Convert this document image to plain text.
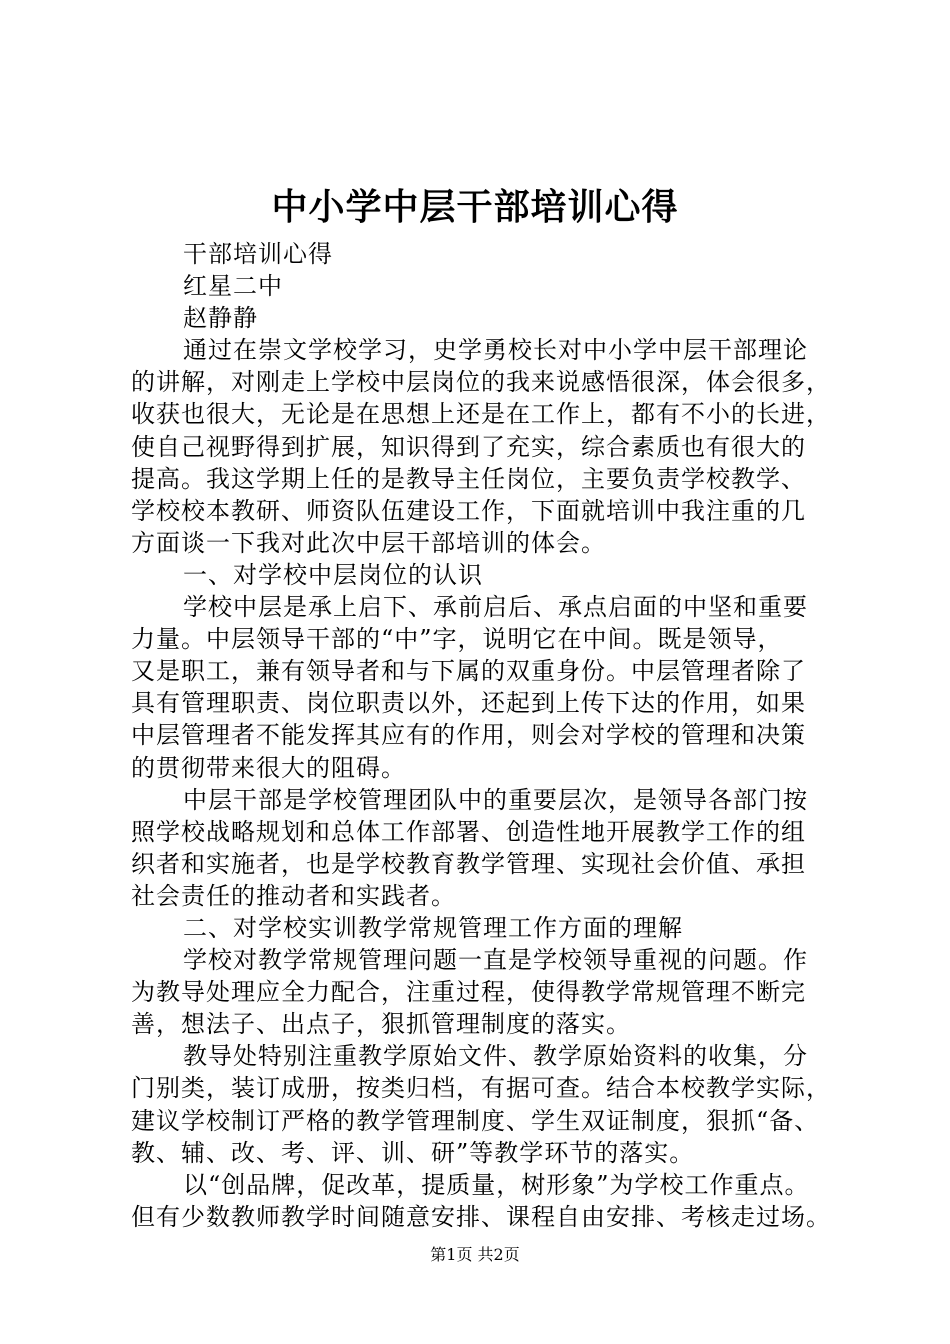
中小学中层干部培训心得
干部培训心得
红星二中
赵静静
通过在崇文学校学习，史学勇校长对中小学中层干部理论
的讲解，对刚走上学校中层岗位的我来说感悟很深，体会很多，
收获也很大，无论是在思想上还是在工作上，都有不小的长进，
使自己视野得到扩展，知识得到了充实，综合素质也有很大的
提高。我这学期上任的是教导主任岗位，主要负责学校教学、
学校校本教研、师资队伍建设工作，下面就培训中我注重的几
方面谈一下我对此次中层干部培训的体会。
一、对学校中层岗位的认识
学校中层是承上启下、承前启后、承点启面的中坚和重要
力量。中层领导干部的“中”字，说明它在中间。既是领导，
又是职工，兼有领导者和与下属的双重身份。中层管理者除了
具有管理职责、岗位职责以外，还起到上传下达的作用，如果
中层管理者不能发挥其应有的作用，则会对学校的管理和决策
的贯彻带来很大的阻碍。
中层干部是学校管理团队中的重要层次，是领导各部门按
照学校战略规划和总体工作部署、创造性地开展教学工作的组
织者和实施者，也是学校教育教学管理、实现社会价值、承担
社会责任的推动者和实践者。
二、对学校实训教学常规管理工作方面的理解
学校对教学常规管理问题一直是学校领导重视的问题。作
为教导处理应全力配合，注重过程，使得教学常规管理不断完
善，想法子、出点子，狠抓管理制度的落实。
教导处特别注重教学原始文件、教学原始资料的收集，分
门别类，装订成册，按类归档，有据可查。结合本校教学实际，
建议学校制订严格的教学管理制度、学生双证制度，狠抓“备、
教、辅、改、考、评、训、研”等教学环节的落实。
以“创品牌，促改革，提质量，树形象”为学校工作重点。
但有少数教师教学时间随意安排、课程自由安排、考核走过场。
第1页 共2页
